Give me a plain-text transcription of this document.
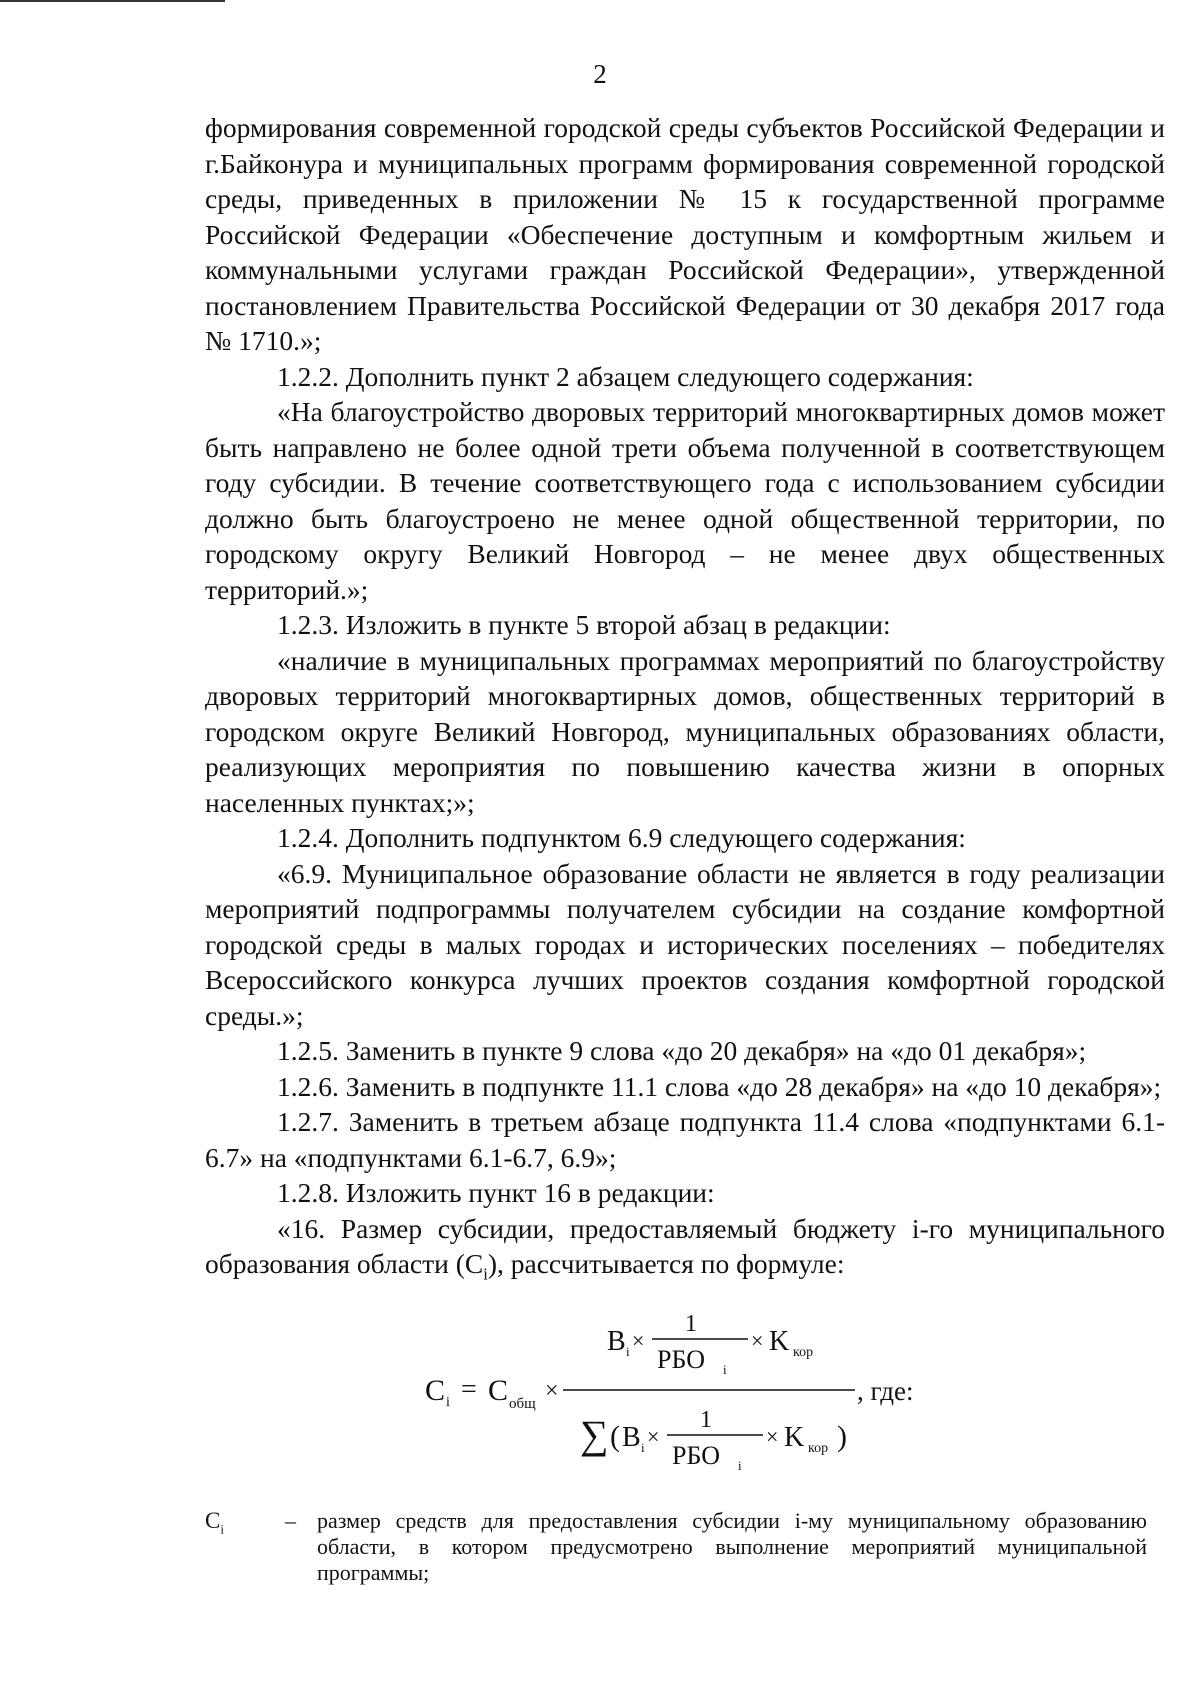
2

формирования современной городской среды субъектов Российской Федерации и г.Байконура и муниципальных программ формирования современной городской среды, приведенных в приложении № 15 к государственной программе Российской Федерации «Обеспечение доступным и комфортным жильем и коммунальными услугами граждан Российской Федерации», утвержденной постановлением Правительства Российской Федерации от 30 декабря 2017 года № 1710.»;

1.2.2. Дополнить пункт 2 абзацем следующего содержания:

«На благоустройство дворовых территорий многоквартирных домов может быть направлено не более одной трети объема полученной в соответствующем году субсидии. В течение соответствующего года с использованием субсидии должно быть благоустроено не менее одной общественной территории, по городскому округу Великий Новгород – не менее двух общественных территорий.»;

1.2.3. Изложить в пункте 5 второй абзац в редакции:

«наличие в муниципальных программах мероприятий по благоустройству дворовых территорий многоквартирных домов, общественных территорий в городском округе Великий Новгород, муниципальных образованиях области, реализующих мероприятия по повышению качества жизни в опорных населенных пунктах;»;

1.2.4. Дополнить подпунктом 6.9 следующего содержания:

«6.9. Муниципальное образование области не является в году реализации мероприятий подпрограммы получателем субсидии на создание комфортной городской среды в малых городах и исторических поселениях – победителях Всероссийского конкурса лучших проектов создания комфортной городской среды.»;

1.2.5. Заменить в пункте 9 слова «до 20 декабря» на «до 01 декабря»;

1.2.6. Заменить в подпункте 11.1 слова «до 28 декабря» на «до 10 декабря»;

1.2.7. Заменить в третьем абзаце подпункта 11.4 слова «подпунктами 6.1-6.7» на «подпунктами 6.1-6.7, 6.9»;

1.2.8. Изложить пункт 16 в редакции:

«16. Размер субсидии, предоставляемый бюджету i-го муниципального образования области $(C_i)$, рассчитывается по формуле:

C i = C общ ×
B i ×
1
РБО i
× K кор
∑ ( B i ×
1
РБО i
× K кор )
, где:
$C_i$	– размер средств для предоставления субсидии i-му муниципальному образованию области, в котором предусмотрено выполнение мероприятий муниципальной программы;
